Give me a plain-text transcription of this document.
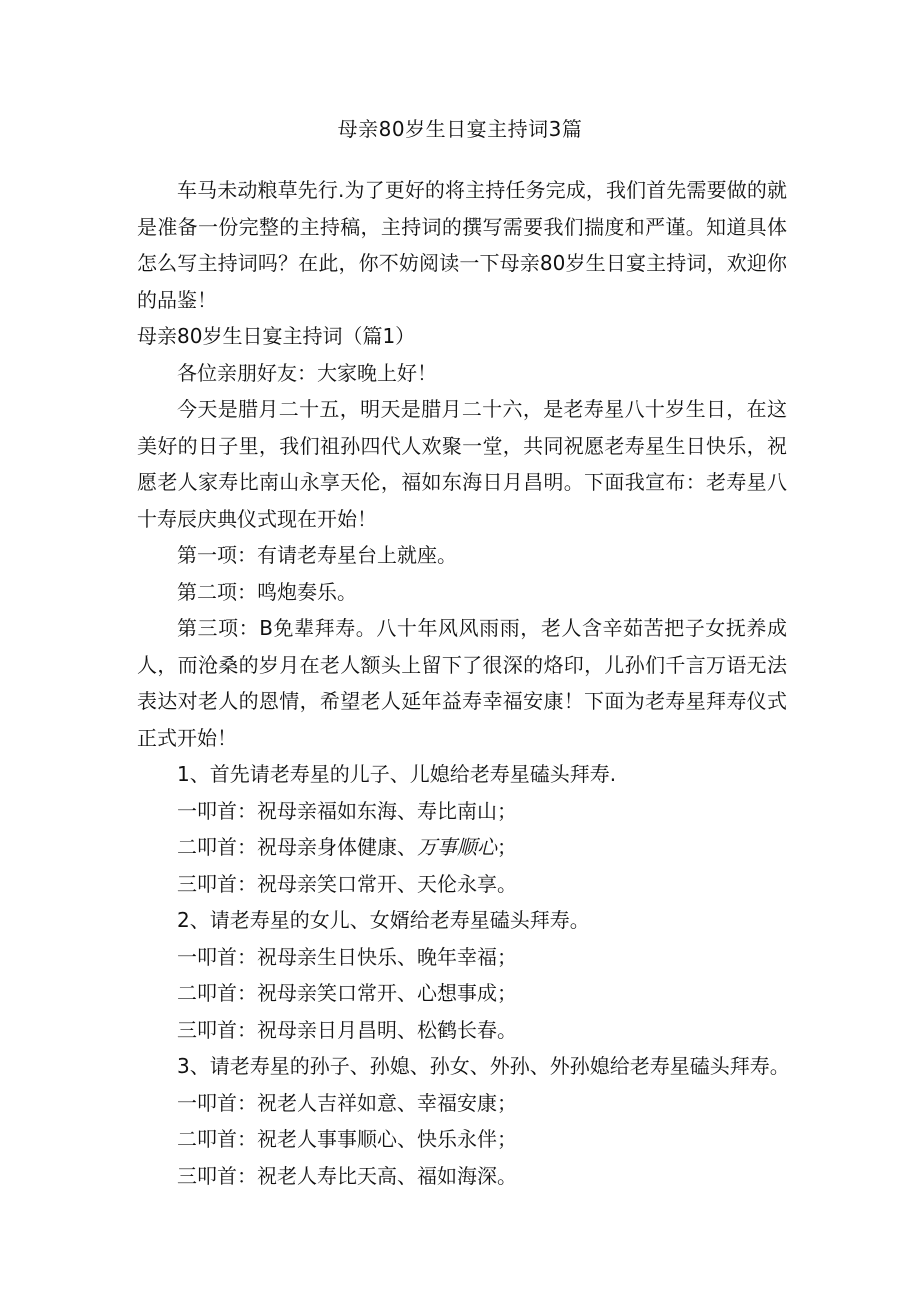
母亲80岁生日宴主持词3篇

车马未动粮草先行.为了更好的将主持任务完成，我们首先需要做的就是准备一份完整的主持稿，主持词的撰写需要我们揣度和严谨。知道具体怎么写主持词吗？在此，你不妨阅读一下母亲80岁生日宴主持词，欢迎你的品鉴！

母亲80岁生日宴主持词（篇1）

各位亲朋好友：大家晚上好！

今天是腊月二十五，明天是腊月二十六，是老寿星八十岁生日，在这美好的日子里，我们祖孙四代人欢聚一堂，共同祝愿老寿星生日快乐，祝愿老人家寿比南山永享天伦，福如东海日月昌明。下面我宣布：老寿星八十寿辰庆典仪式现在开始！

第一项：有请老寿星台上就座。

第二项：鸣炮奏乐。

第三项：B免辈拜寿。八十年风风雨雨，老人含辛茹苦把子女抚养成人，而沧桑的岁月在老人额头上留下了很深的烙印，儿孙们千言万语无法表达对老人的恩情，希望老人延年益寿幸福安康！下面为老寿星拜寿仪式正式开始！

1、首先请老寿星的儿子、儿媳给老寿星磕头拜寿.

一叩首：祝母亲福如东海、寿比南山；

二叩首：祝母亲身体健康、万事顺心；

三叩首：祝母亲笑口常开、天伦永享。

2、请老寿星的女儿、女婿给老寿星磕头拜寿。

一叩首：祝母亲生日快乐、晚年幸福；

二叩首：祝母亲笑口常开、心想事成；

三叩首：祝母亲日月昌明、松鹤长春。

3、请老寿星的孙子、孙媳、孙女、外孙、外孙媳给老寿星磕头拜寿。

一叩首：祝老人吉祥如意、幸福安康；

二叩首：祝老人事事顺心、快乐永伴；

三叩首：祝老人寿比天高、福如海深。
